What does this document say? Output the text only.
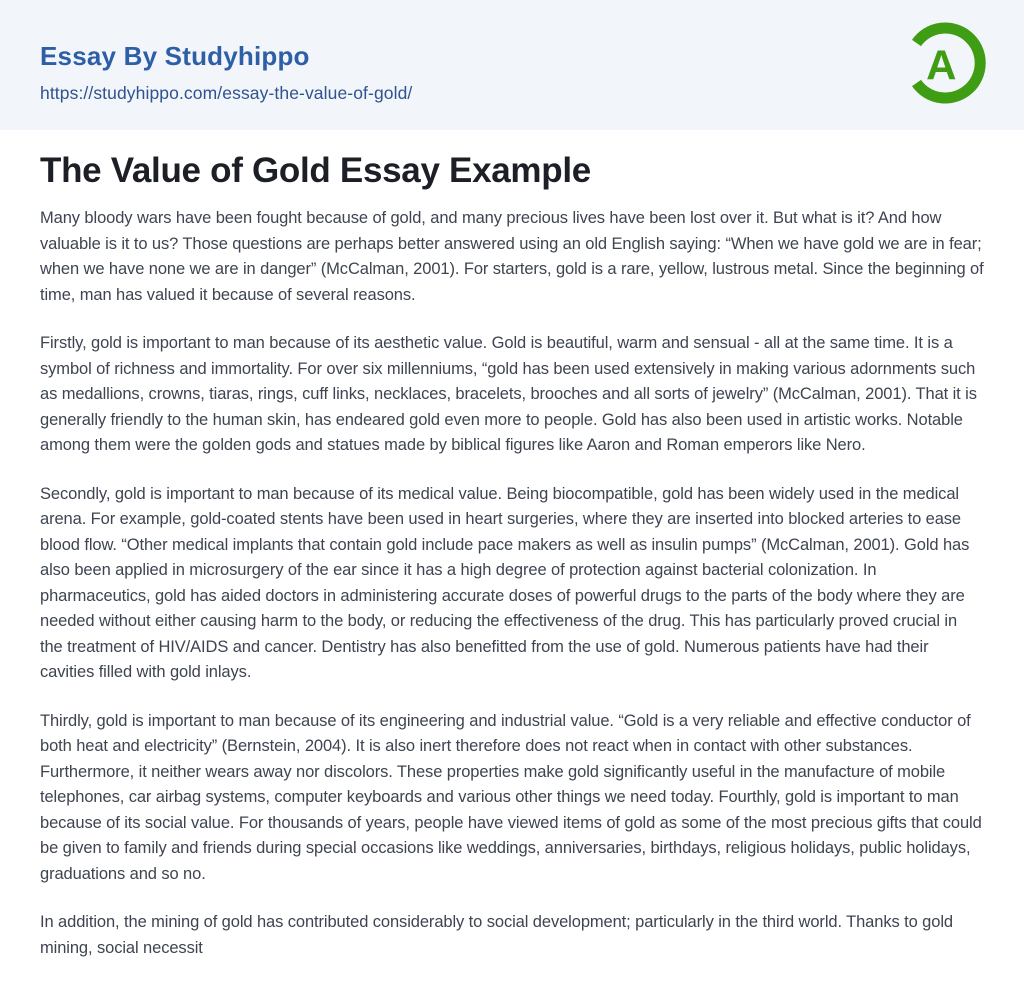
Essay By Studyhippo
https://studyhippo.com/essay-the-value-of-gold/
A
The Value of Gold Essay Example

Many bloody wars have been fought because of gold, and many precious lives have been lost over it. But what is it? And how valuable is it to us? Those questions are perhaps better answered using an old English saying: “When we have gold we are in fear; when we have none we are in danger” (McCalman, 2001). For starters, gold is a rare, yellow, lustrous metal. Since the beginning of time, man has valued it because of several reasons.

Firstly, gold is important to man because of its aesthetic value. Gold is beautiful, warm and sensual - all at the same time. It is a symbol of richness and immortality. For over six millenniums, “gold has been used extensively in making various adornments such as medallions, crowns, tiaras, rings, cuff links, necklaces, bracelets, brooches and all sorts of jewelry” (McCalman, 2001). That it is generally friendly to the human skin, has endeared gold even more to people. Gold has also been used in artistic works. Notable among them were the golden gods and statues made by biblical figures like Aaron and Roman emperors like Nero.

Secondly, gold is important to man because of its medical value. Being biocompatible, gold has been widely used in the medical arena. For example, gold-coated stents have been used in heart surgeries, where they are inserted into blocked arteries to ease blood flow. “Other medical implants that contain gold include pace makers as well as insulin pumps” (McCalman, 2001). Gold has also been applied in microsurgery of the ear since it has a high degree of protection against bacterial colonization. In pharmaceutics, gold has aided doctors in administering accurate doses of powerful drugs to the parts of the body where they are needed without either causing harm to the body, or reducing the effectiveness of the drug. This has particularly proved crucial in the treatment of HIV/AIDS and cancer. Dentistry has also benefitted from the use of gold. Numerous patients have had their cavities filled with gold inlays.

Thirdly, gold is important to man because of its engineering and industrial value. “Gold is a very reliable and effective conductor of both heat and electricity” (Bernstein, 2004). It is also inert therefore does not react when in contact with other substances. Furthermore, it neither wears away nor discolors. These properties make gold significantly useful in the manufacture of mobile telephones, car airbag systems, computer keyboards and various other things we need today. Fourthly, gold is important to man because of its social value. For thousands of years, people have viewed items of gold as some of the most precious gifts that could be given to family and friends during special occasions like weddings, anniversaries, birthdays, religious holidays, public holidays, graduations and so no.

In addition, the mining of gold has contributed considerably to social development; particularly in the third world. Thanks to gold mining, social necessit
